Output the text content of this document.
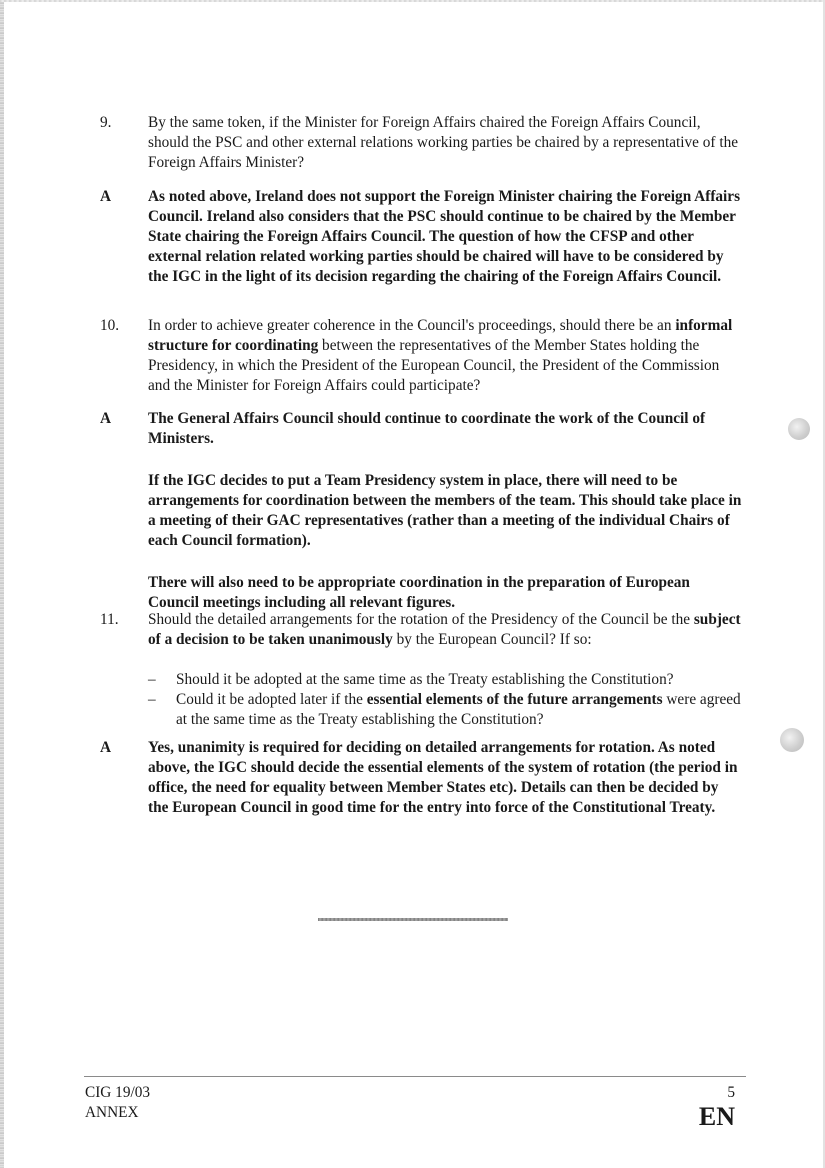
9.	By the same token, if the Minister for Foreign Affairs chaired the Foreign Affairs Council, should the PSC and other external relations working parties be chaired by a representative of the Foreign Affairs Minister?
A	As noted above, Ireland does not support the Foreign Minister chairing the Foreign Affairs Council. Ireland also considers that the PSC should continue to be chaired by the Member State chairing the Foreign Affairs Council. The question of how the CFSP and other external relation related working parties should be chaired will have to be considered by the IGC in the light of its decision regarding the chairing of the Foreign Affairs Council.
10.	In order to achieve greater coherence in the Council's proceedings, should there be an informal structure for coordinating between the representatives of the Member States holding the Presidency, in which the President of the European Council, the President of the Commission and the Minister for Foreign Affairs could participate?
A	The General Affairs Council should continue to coordinate the work of the Council of Ministers.
If the IGC decides to put a Team Presidency system in place, there will need to be arrangements for coordination between the members of the team. This should take place in a meeting of their GAC representatives (rather than a meeting of the individual Chairs of each Council formation).
There will also need to be appropriate coordination in the preparation of European Council meetings including all relevant figures.
11.	Should the detailed arrangements for the rotation of the Presidency of the Council be the subject of a decision to be taken unanimously by the European Council? If so:
–	Should it be adopted at the same time as the Treaty establishing the Constitution?
–	Could it be adopted later if the essential elements of the future arrangements were agreed at the same time as the Treaty establishing the Constitution?
A	Yes, unanimity is required for deciding on detailed arrangements for rotation. As noted above, the IGC should decide the essential elements of the system of rotation (the period in office, the need for equality between Member States etc). Details can then be decided by the European Council in good time for the entry into force of the Constitutional Treaty.
CIG 19/03
ANNEX
5
EN
